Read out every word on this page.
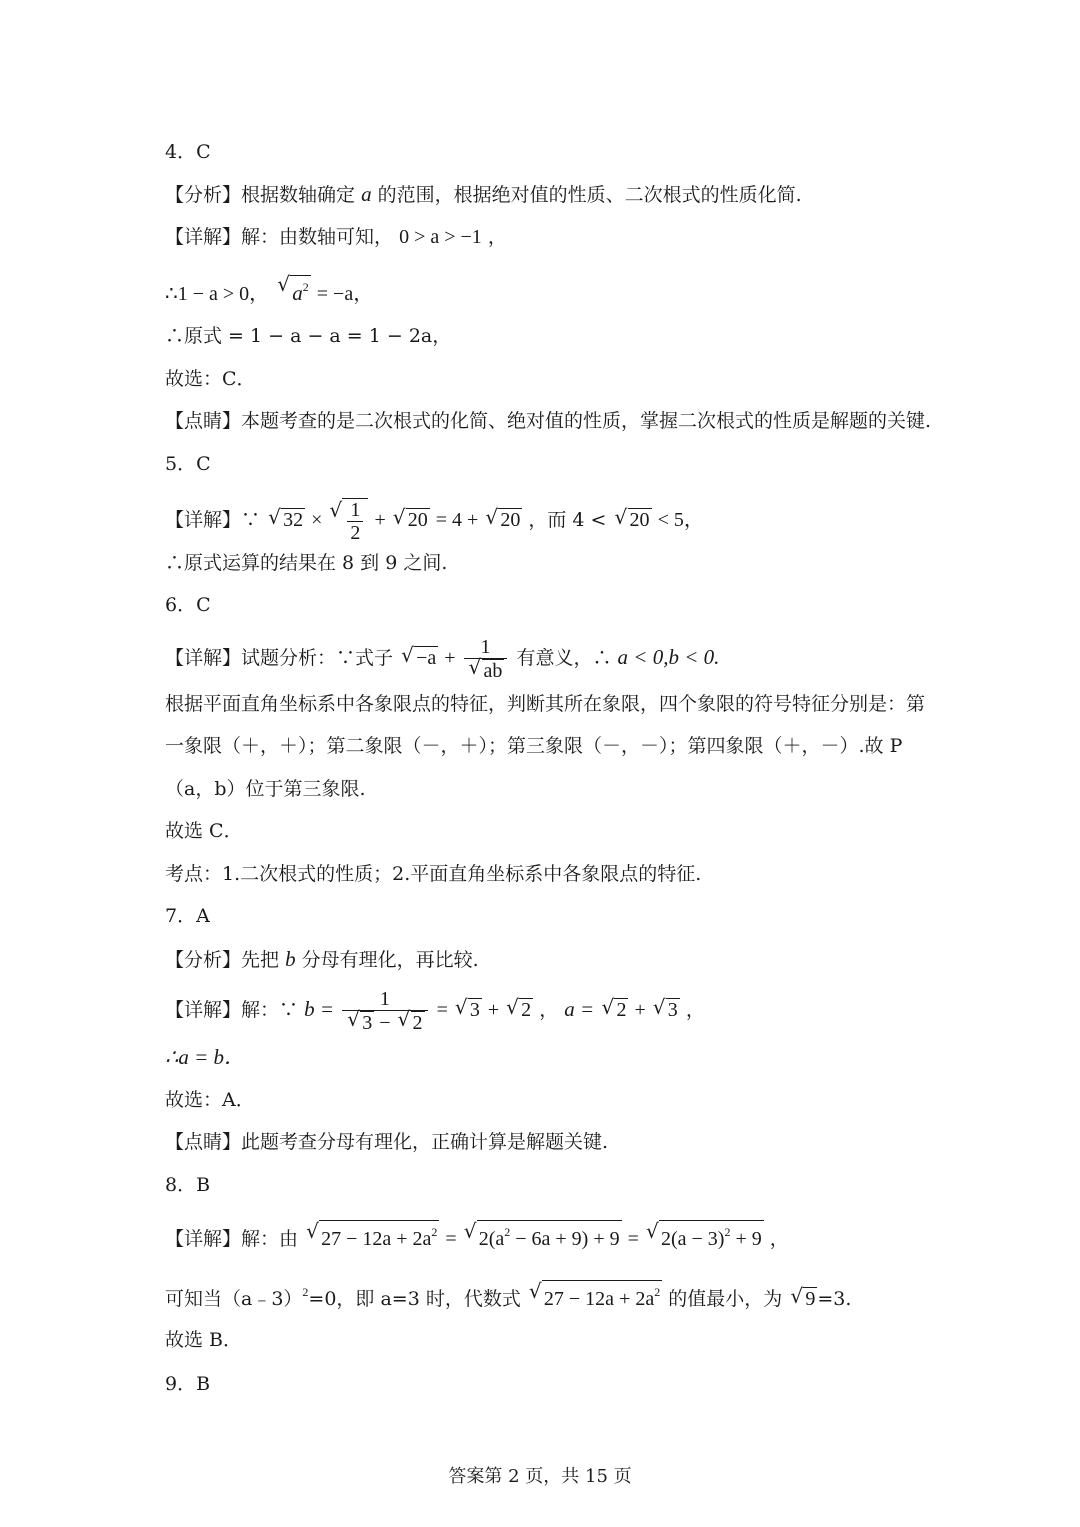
4．C
【分析】根据数轴确定 a 的范围，根据绝对值的性质、二次根式的性质化简.
【详解】解：由数轴可知， 0 > a > −1 ，
∴1 − a > 0， √ $a^2 = -a$，
∴原式 = 1 − a − a = 1 − 2a，
故选：C．
【点睛】本题考查的是二次根式的化简、绝对值的性质，掌握二次根式的性质是解题的关键.
5．C
【详解】∵ √ 32 × √ $\frac{1}{2}$ + √ 20 = 4 + √ 20 ，而 4 < √ 20 < 5，
∴原式运算的结果在 8 到 9 之间.
6．C
【详解】试题分析：∵式子 √ −a + 1
√ ab 有意义，∴ a < 0,b < 0.
根据平面直角坐标系中各象限点的特征，判断其所在象限，四个象限的符号特征分别是：第
一象限（＋，＋）；第二象限（－，＋）；第三象限（－，－）；第四象限（＋，－）.故 P
（a，b）位于第三象限.
故选 C．
考点：1.二次根式的性质；2.平面直角坐标系中各象限点的特征.
7．A
【分析】先把 b 分母有理化，再比较.
【详解】解：∵ b = 1
√ 3 − √ 2 = √ 3 + √ 2 ， a = √ 2 + √ 3 ，
∴a = b．
故选：A．
【点睛】此题考查分母有理化，正确计算是解题关键.
8．B
【详解】解：由 √ $27 - 12a + 2a^2$ = √ $2(a^2 - 6a + 9) + 9$ = √ $2(a - 3)^2 + 9$ ，
可知当（a﹣3）$^2$=0，即 a=3 时，代数式 √ $27 - 12a + 2a^2$ 的值最小，为 √ 9 =3.
故选 B．
9．B
答案第 2 页，共 15 页
